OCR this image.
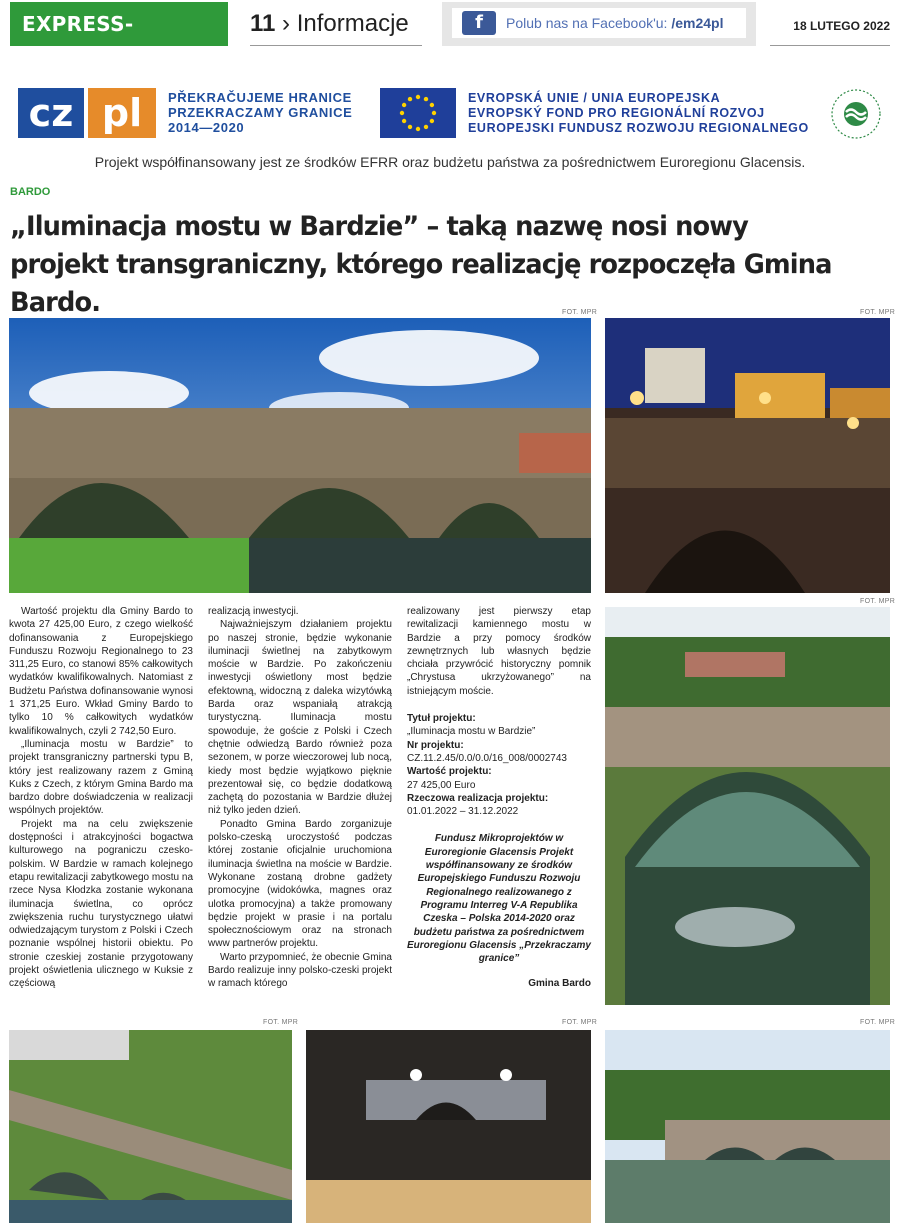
EXPRESS-MIEJSKI.PL
11 › Informacje	f	Polub nas na Facebook'u: /em24pl	18 LUTEGO 2022
cz pl	PŘEKRAČUJEME HRANICE
PRZEKRACZAMY GRANICE
2014—2020
EVROPSKÁ UNIE / UNIA EUROPEJSKA
EVROPSKÝ FOND PRO REGIONÁLNÍ ROZVOJ
EUROPEJSKI FUNDUSZ ROZWOJU REGIONALNEGO
Projekt współfinansowany jest ze środków EFRR oraz budżetu państwa za pośrednictwem Euroregionu Glacensis.
BARDO
„Iluminacja mostu w Bardzie” – taką nazwę nosi nowy projekt transgraniczny, którego realizację rozpoczęła Gmina Bardo.	FOT. MPR	FOT. MPR
FOT. MPR
FOT. MPR	FOT. MPR	FOT. MPR

Wartość projektu dla Gminy Bardo to kwota 27 425,00 Euro, z czego wielkość dofinansowania z Europejskiego Funduszu Rozwoju Regionalnego to 23 311,25 Euro, co stanowi 85% całkowitych wydatków kwalifikowalnych. Natomiast z Budżetu Państwa dofinansowanie wynosi 1 371,25 Euro. Wkład Gminy Bardo to tylko 10 % całkowitych wydatków kwalifikowalnych, czyli 2 742,50 Euro.

„Iluminacja mostu w Bardzie” to projekt transgraniczny partnerski typu B, który jest realizowany razem z Gminą Kuks z Czech, z którym Gmina Bardo ma bardzo dobre doświadczenia w realizacji wspólnych projektów.

Projekt ma na celu zwiększenie dostępności i atrakcyjności bogactwa kulturowego na pograniczu czesko-polskim. W Bardzie w ramach kolejnego etapu rewitalizacji zabytkowego mostu na rzece Nysa Kłodzka zostanie wykonana iluminacja świetlna, co oprócz zwiększenia ruchu turystycznego ułatwi odwiedzającym turystom z Polski i Czech poznanie wspólnej historii obiektu. Po stronie czeskiej zostanie przygotowany projekt oświetlenia ulicznego w Kuksie z częściową

realizacją inwestycji.

Najważniejszym działaniem projektu po naszej stronie, będzie wykonanie iluminacji świetlnej na zabytkowym moście w Bardzie. Po zakończeniu inwestycji oświetlony most będzie efektowną, widoczną z daleka wizytówką Barda oraz wspaniałą atrakcją turystyczną. Iluminacja mostu spowoduje, że goście z Polski i Czech chętnie odwiedzą Bardo również poza sezonem, w porze wieczorowej lub nocą, kiedy most będzie wyjątkowo pięknie prezentował się, co będzie dodatkową zachętą do pozostania w Bardzie dłużej niż tylko jeden dzień.

Ponadto Gmina Bardo zorganizuje polsko-czeską uroczystość podczas której zostanie oficjalnie uruchomiona iluminacja świetlna na moście w Bardzie. Wykonane zostaną drobne gadżety promocyjne (widokówka, magnes oraz ulotka promocyjna) a także promowany będzie projekt w prasie i na portalu społecznościowym oraz na stronach www partnerów projektu.

Warto przypomnieć, że obecnie Gmina Bardo realizuje inny polsko-czeski projekt w ramach którego

realizowany jest pierwszy etap rewitalizacji kamiennego mostu w Bardzie a przy pomocy środków zewnętrznych lub własnych będzie chciała przywrócić historyczny pomnik „Chrystusa ukrzyżowanego” na istniejącym moście.

Tytuł projektu:
„Iluminacja mostu w Bardzie”
Nr projektu:
CZ.11.2.45/0.0/0.0/16_008/0002743
Wartość projektu:
27 425,00 Euro
Rzeczowa realizacja projektu:
01.01.2022 – 31.12.2022
Fundusz Mikroprojektów w Euroregionie Glacensis Projekt współfinansowany ze środków Europejskiego Funduszu Rozwoju Regionalnego realizowanego z Programu Interreg V-A Republika Czeska – Polska 2014-2020 oraz budżetu państwa za pośrednictwem Euroregionu Glacensis „Przekraczamy granice”
Gmina Bardo
